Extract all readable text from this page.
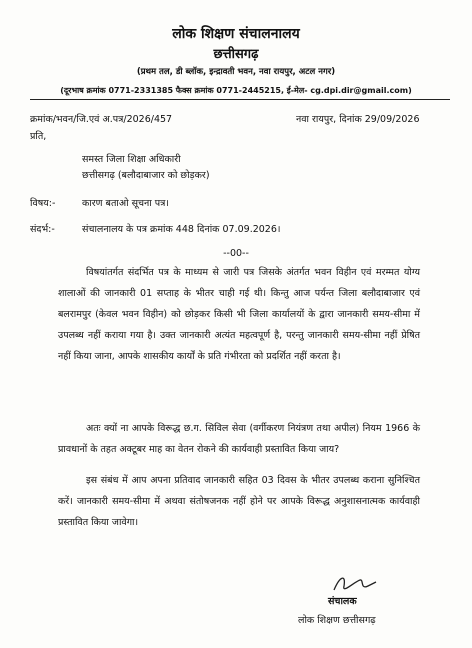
लोक शिक्षण संचालनालय
छत्तीसगढ़
(प्रथम तल, डी ब्लॉक, इन्द्रावती भवन, नवा रायपुर, अटल नगर)
(दूरभाष क्रमांक 0771-2331385 फैक्स क्रमांक 0771-2445215, ई-मेल- cg.dpi.dir@gmail.com)
क्रमांक/भवन/जि.एवं अ.पत्र/2026/457	नवा रायपुर, दिनांक 29/09/2026
प्रति,
समस्त जिला शिक्षा अधिकारी
छत्तीसगढ़ (बलौदाबाजार को छोड़कर)
विषय:-	कारण बताओ सूचना पत्र।
संदर्भ:-	संचालनालय के पत्र क्रमांक 448 दिनांक 07.09.2026।
--00--
विषयांतर्गत संदर्भित पत्र के माध्यम से जारी पत्र जिसके अंतर्गत भवन विहीन एवं मरम्मत योग्य शालाओं की जानकारी 01 सप्ताह के भीतर चाही गई थी। किन्तु आज पर्यन्त जिला बलौदाबाजार एवं बलरामपुर (केवल भवन विहीन) को छोड़कर किसी भी जिला कार्यालयों के द्वारा जानकारी समय-सीमा में उपलब्ध नहीं कराया गया है। उक्त जानकारी अत्यंत महत्वपूर्ण है, परन्तु जानकारी समय-सीमा नहीं प्रेषित नहीं किया जाना, आपके शासकीय कार्यों के प्रति गंभीरता को प्रदर्शित नहीं करता है।
अतः क्यों ना आपके विरूद्ध छ.ग. सिविल सेवा (वर्गीकरण नियंत्रण तथा अपील) नियम 1966 के प्रावधानों के तहत अक्टूबर माह का वेतन रोकने की कार्यवाही प्रस्तावित किया जाय?
इस संबंध में आप अपना प्रतिवाद जानकारी सहित 03 दिवस के भीतर उपलब्ध कराना सुनिश्चित करें। जानकारी समय-सीमा में अथवा संतोषजनक नहीं होने पर आपके विरूद्ध अनुशासनात्मक कार्यवाही प्रस्तावित किया जावेगा।
संचालक
लोक शिक्षण छत्तीसगढ़
